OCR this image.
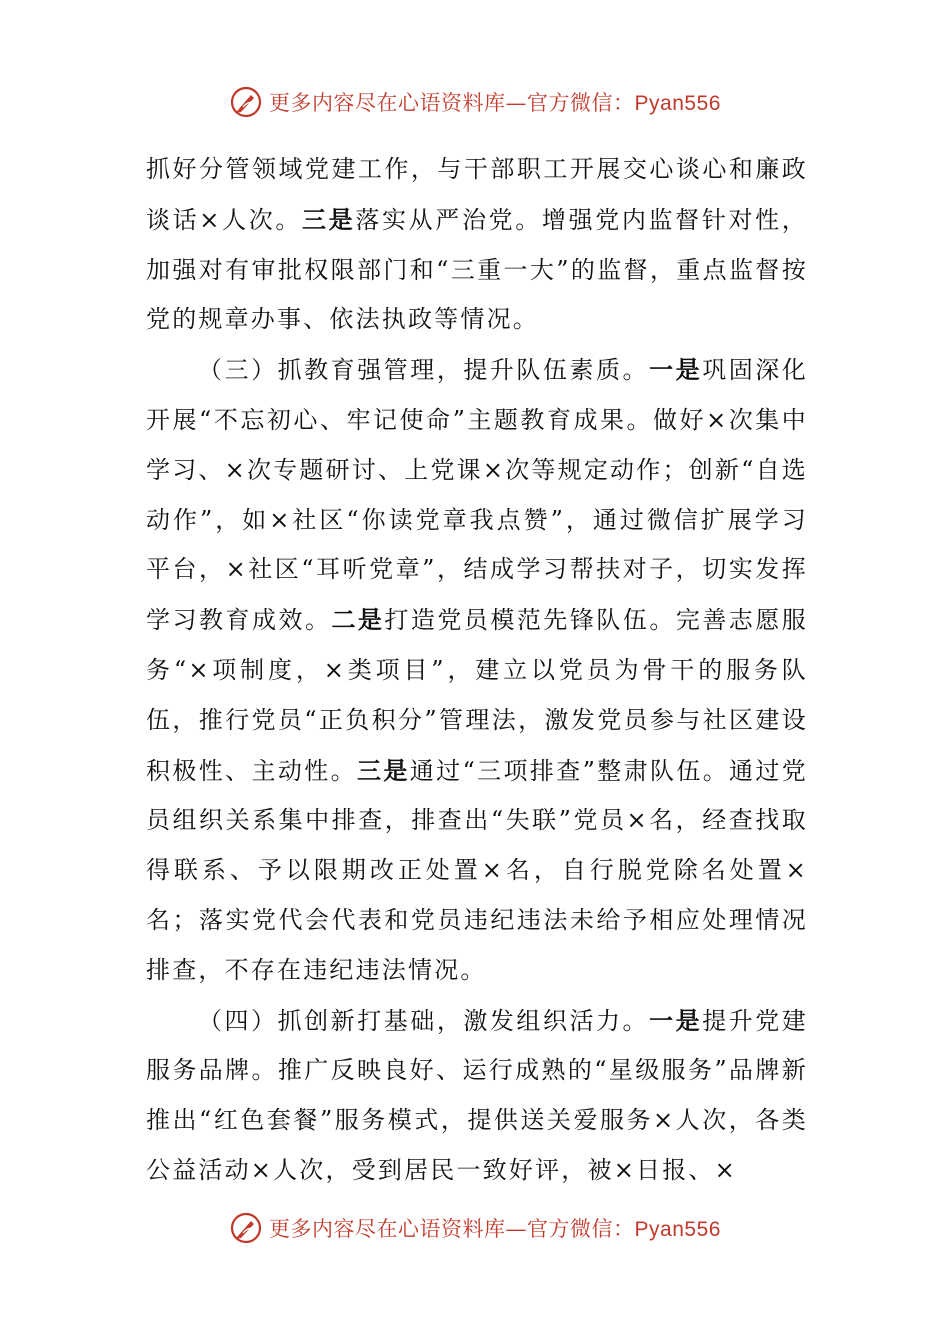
更多内容尽在心语资料库—官方微信：Pyan556

抓好分管领域党建工作，与干部职工开展交心谈心和廉政谈话×人次。三是落实从严治党。增强党内监督针对性，加强对有审批权限部门和“三重一大”的监督，重点监督按党的规章办事、依法执政等情况。

（三）抓教育强管理，提升队伍素质。一是巩固深化开展“不忘初心、牢记使命”主题教育成果。做好×次集中学习、×次专题研讨、上党课×次等规定动作；创新“自选动作”，如×社区“你读党章我点赞”，通过微信扩展学习平台，×社区“耳听党章”，结成学习帮扶对子，切实发挥学习教育成效。二是打造党员模范先锋队伍。完善志愿服务“×项制度，×类项目”，建立以党员为骨干的服务队伍，推行党员“正负积分”管理法，激发党员参与社区建设积极性、主动性。三是通过“三项排查”整肃队伍。通过党员组织关系集中排查，排查出“失联”党员×名，经查找取得联系、予以限期改正处置×名，自行脱党除名处置×名；落实党代会代表和党员违纪违法未给予相应处理情况排查，不存在违纪违法情况。

（四）抓创新打基础，激发组织活力。一是提升党建服务品牌。推广反映良好、运行成熟的“星级服务”品牌新推出“红色套餐”服务模式，提供送关爱服务×人次，各类公益活动×人次，受到居民一致好评，被×日报、×

更多内容尽在心语资料库—官方微信：Pyan556
